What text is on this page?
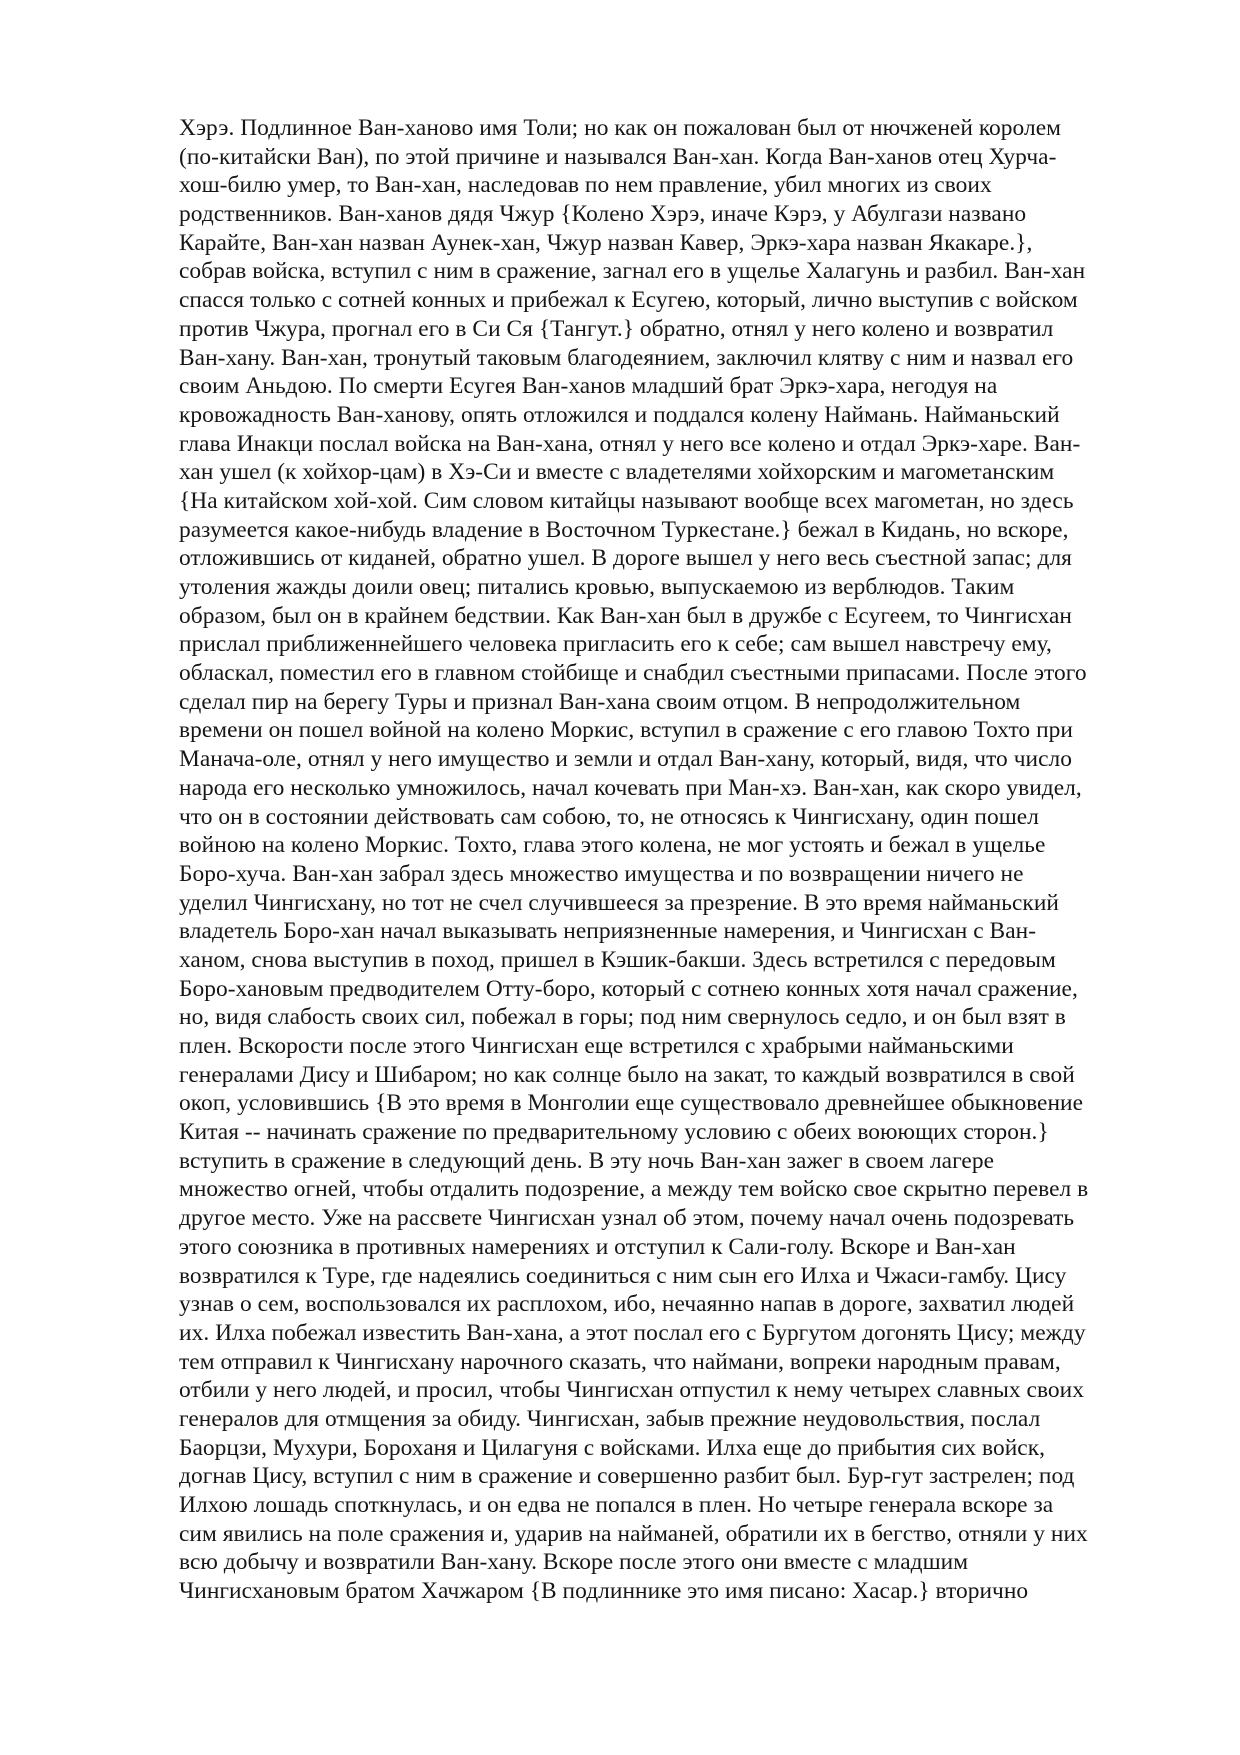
Хэрэ. Подлинное Ван-ханово имя Толи; но как он пожалован был от нючженей королем
(по-китайски Ван), по этой причине и назывался Ван-хан. Когда Ван-ханов отец Хурча-
хош-билю умер, то Ван-хан, наследовав по нем правление, убил многих из своих
родственников. Ван-ханов дядя Чжур {Колено Хэрэ, иначе Кэрэ, у Абулгази названо
Карайте, Ван-хан назван Аунек-хан, Чжур назван Кавер, Эркэ-хара назван Якакаре.},
собрав войска, вступил с ним в сражение, загнал его в ущелье Халагунь и разбил. Ван-хан
спасся только с сотней конных и прибежал к Есугею, который, лично выступив с войском
против Чжура, прогнал его в Си Ся {Тангут.} обратно, отнял у него колено и возвратил
Ван-хану. Ван-хан, тронутый таковым благодеянием, заключил клятву с ним и назвал его
своим Аньдою. По смерти Есугея Ван-ханов младший брат Эркэ-хара, негодуя на
кровожадность Ван-ханову, опять отложился и поддался колену Наймань. Найманьский
глава Инакци послал войска на Ван-хана, отнял у него все колено и отдал Эркэ-харе. Ван-
хан ушел (к хойхор-цам) в Хэ-Си и вместе с владетелями хойхорским и магометанским
{На китайском хой-хой. Сим словом китайцы называют вообще всех магометан, но здесь
разумеется какое-нибудь владение в Восточном Туркестане.} бежал в Кидань, но вскоре,
отложившись от киданей, обратно ушел. В дороге вышел у него весь съестной запас; для
утоления жажды доили овец; питались кровью, выпускаемою из верблюдов. Таким
образом, был он в крайнем бедствии. Как Ван-хан был в дружбе с Есугеем, то Чингисхан
прислал приближеннейшего человека пригласить его к себе; сам вышел навстречу ему,
обласкал, поместил его в главном стойбище и снабдил съестными припасами. После этого
сделал пир на берегу Туры и признал Ван-хана своим отцом. В непродолжительном
времени он пошел войной на колено Моркис, вступил в сражение с его главою Тохто при
Манача-оле, отнял у него имущество и земли и отдал Ван-хану, который, видя, что число
народа его несколько умножилось, начал кочевать при Ман-хэ. Ван-хан, как скоро увидел,
что он в состоянии действовать сам собою, то, не относясь к Чингисхану, один пошел
войною на колено Моркис. Тохто, глава этого колена, не мог устоять и бежал в ущелье
Боро-хуча. Ван-хан забрал здесь множество имущества и по возвращении ничего не
уделил Чингисхану, но тот не счел случившееся за презрение. В это время найманьский
владетель Боро-хан начал выказывать неприязненные намерения, и Чингисхан с Ван-
ханом, снова выступив в поход, пришел в Кэшик-бакши. Здесь встретился с передовым
Боро-хановым предводителем Отту-боро, который с сотнею конных хотя начал сражение,
но, видя слабость своих сил, побежал в горы; под ним свернулось седло, и он был взят в
плен. Вскорости после этого Чингисхан еще встретился с храбрыми найманьскими
генералами Дису и Шибаром; но как солнце было на закат, то каждый возвратился в свой
окоп, условившись {В это время в Монголии еще существовало древнейшее обыкновение
Китая -- начинать сражение по предварительному условию с обеих воюющих сторон.}
вступить в сражение в следующий день. В эту ночь Ван-хан зажег в своем лагере
множество огней, чтобы отдалить подозрение, а между тем войско свое скрытно перевел в
другое место. Уже на рассвете Чингисхан узнал об этом, почему начал очень подозревать
этого союзника в противных намерениях и отступил к Сали-голу. Вскоре и Ван-хан
возвратился к Туре, где надеялись соединиться с ним сын его Илха и Чжаси-гамбу. Цису
узнав о сем, воспользовался их расплохом, ибо, нечаянно напав в дороге, захватил людей
их. Илха побежал известить Ван-хана, а этот послал его с Бургутом догонять Цису; между
тем отправил к Чингисхану нарочного сказать, что наймани, вопреки народным правам,
отбили у него людей, и просил, чтобы Чингисхан отпустил к нему четырех славных своих
генералов для отмщения за обиду. Чингисхан, забыв прежние неудовольствия, послал
Баорцзи, Мухури, Бороханя и Цилагуня с войсками. Илха еще до прибытия сих войск,
догнав Цису, вступил с ним в сражение и совершенно разбит был. Бур-гут застрелен; под
Илхою лошадь споткнулась, и он едва не попался в плен. Но четыре генерала вскоре за
сим явились на поле сражения и, ударив на найманей, обратили их в бегство, отняли у них
всю добычу и возвратили Ван-хану. Вскоре после этого они вместе с младшим
Чингисхановым братом Хачжаром {В подлиннике это имя писано: Хасар.} вторично
